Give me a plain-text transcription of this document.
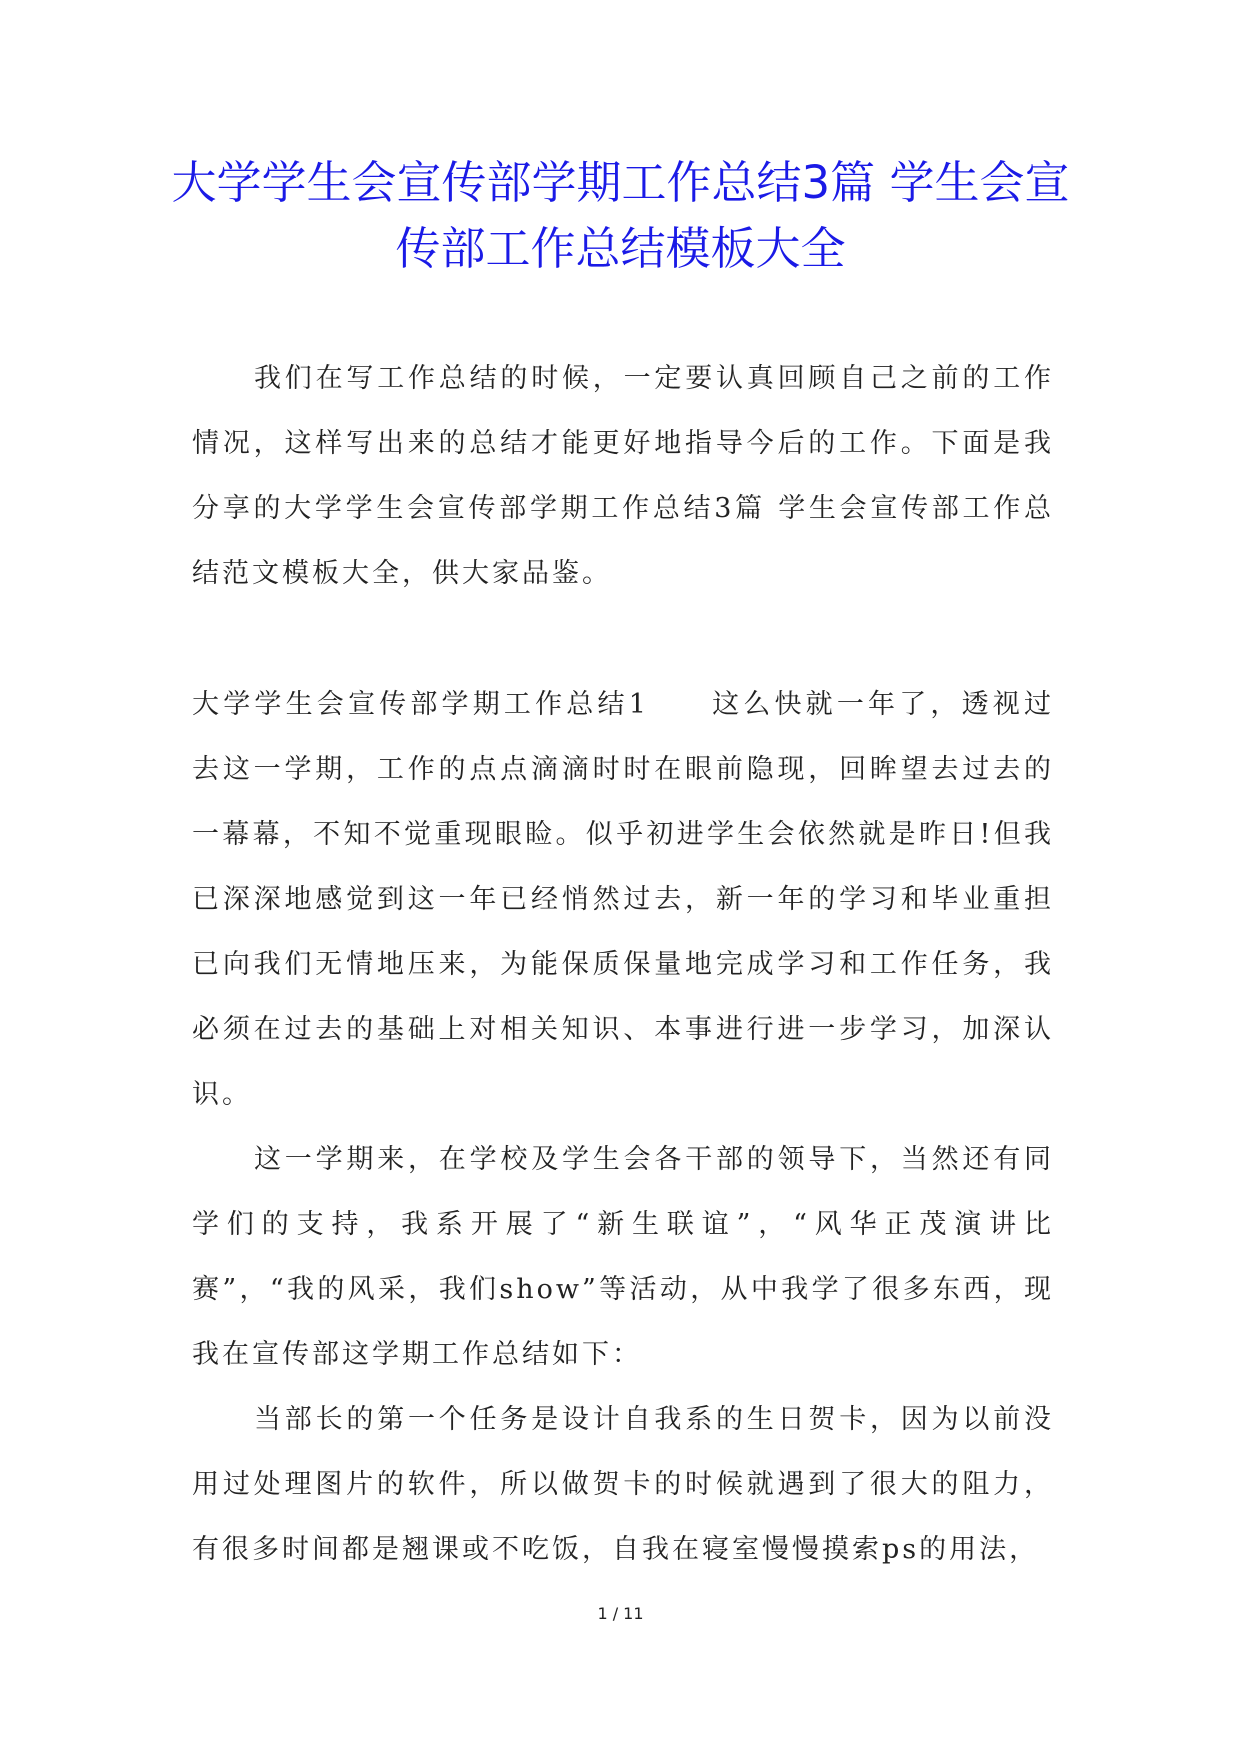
大学学生会宣传部学期工作总结3篇 学生会宣传部工作总结模板大全

我们在写工作总结的时候，一定要认真回顾自己之前的工作情况，这样写出来的总结才能更好地指导今后的工作。下面是我分享的大学学生会宣传部学期工作总结3篇 学生会宣传部工作总结范文模板大全，供大家品鉴。

大学学生会宣传部学期工作总结1 这么快就一年了，透视过去这一学期，工作的点点滴滴时时在眼前隐现，回眸望去过去的一幕幕，不知不觉重现眼睑。似乎初进学生会依然就是昨日!但我已深深地感觉到这一年已经悄然过去，新一年的学习和毕业重担已向我们无情地压来，为能保质保量地完成学习和工作任务，我必须在过去的基础上对相关知识、本事进行进一步学习，加深认识。

这一学期来，在学校及学生会各干部的领导下，当然还有同学们的支持，我系开展了“新生联谊”，“风华正茂演讲比赛”，“我的风采，我们show”等活动，从中我学了很多东西，现我在宣传部这学期工作总结如下：

当部长的第一个任务是设计自我系的生日贺卡，因为以前没用过处理图片的软件，所以做贺卡的时候就遇到了很大的阻力，有很多时间都是翘课或不吃饭，自我在寝室慢慢摸索ps的用法，

1 / 11
